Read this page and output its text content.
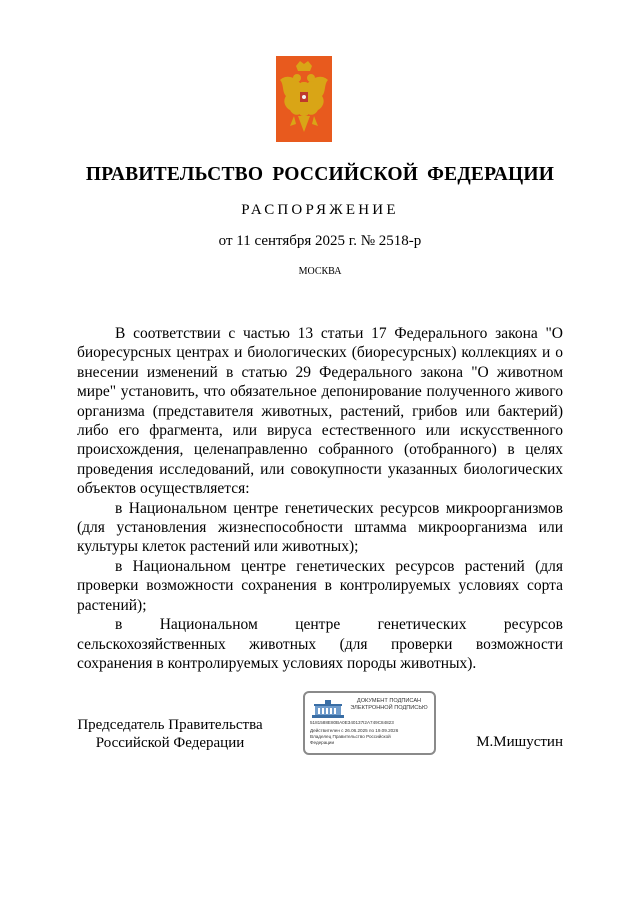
ПРАВИТЕЛЬСТВО РОССИЙСКОЙ ФЕДЕРАЦИИ
РАСПОРЯЖЕНИЕ
от 11 сентября 2025 г. № 2518-р
МОСКВА

В соответствии с частью 13 статьи 17 Федерального закона "О биоресурсных центрах и биологических (биоресурсных) коллекциях и о внесении изменений в статью 29 Федерального закона "О животном мире" установить, что обязательное депонирование полученного живого организма (представителя животных, растений, грибов или бактерий) либо его фрагмента, или вируса естественного или искусственного происхождения, целенаправленно собранного (отобранного) в целях проведения исследований, или совокупности указанных биологических объектов осуществляется:

в Национальном центре генетических ресурсов микроорганизмов (для установления жизнеспособности штамма микроорганизма или культуры клеток растений или животных);

в Национальном центре генетических ресурсов растений (для проверки возможности сохранения в контролируемых условиях сорта растений);

в Национальном центре генетических ресурсов сельскохозяйственных животных (для проверки возможности сохранения в контролируемых условиях породы животных).

Председатель Правительства
Российской Федерации
ДОКУМЕНТ ПОДПИСАН
ЭЛЕКТРОННОЙ ПОДПИСЬЮ
5181588E80BA0E340137I2A749C84823
Действителен с 26.06.2025 по 19.09.2026
Владелец Правительство Российской
Федерации	М.Мишустин
